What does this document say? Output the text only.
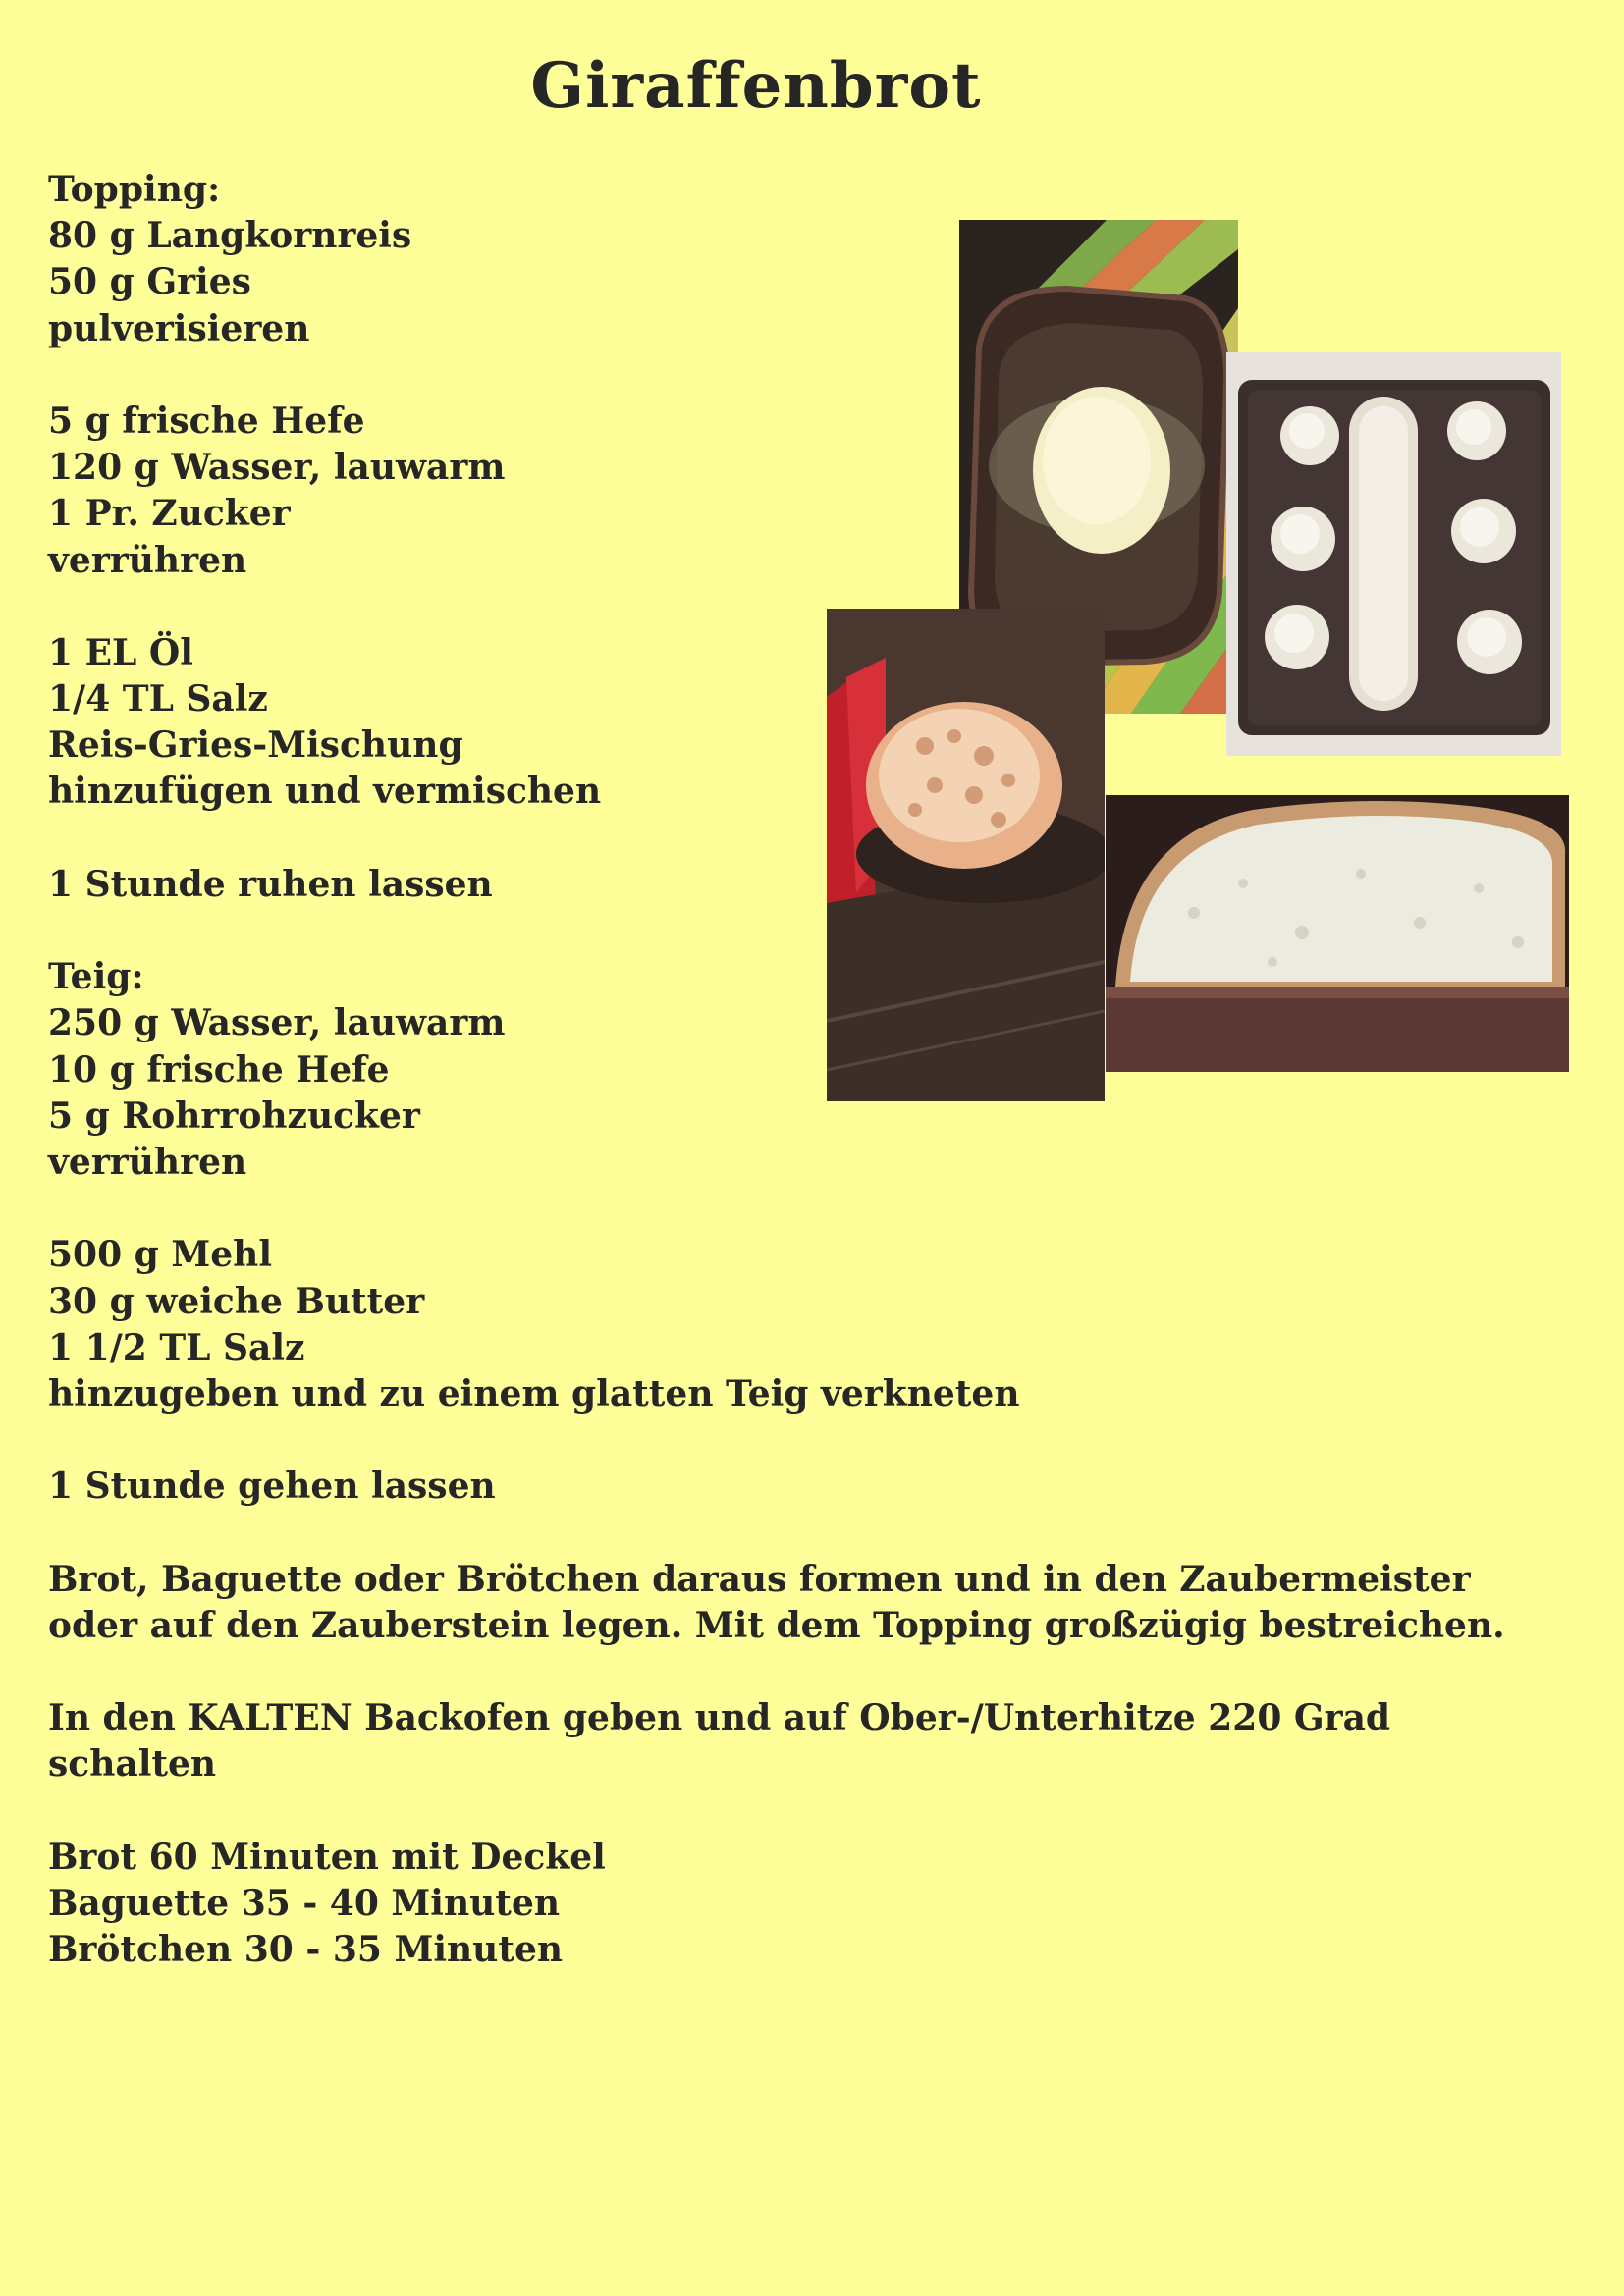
Giraffenbrot
Topping:
80 g Langkornreis
50 g Gries
pulverisieren
5 g frische Hefe
120 g Wasser, lauwarm
1 Pr. Zucker
verrühren
1 EL Öl
1/4 TL Salz
Reis-Gries-Mischung
hinzufügen und vermischen
1 Stunde ruhen lassen
Teig:
250 g Wasser, lauwarm
10 g frische Hefe
5 g Rohrrohzucker
verrühren
500 g Mehl
30 g weiche Butter
1 1/2 TL Salz
hinzugeben und zu einem glatten Teig verkneten
1 Stunde gehen lassen
Brot, Baguette oder Brötchen daraus formen und in den Zaubermeister
oder auf den Zauberstein legen. Mit dem Topping großzügig bestreichen.
In den KALTEN Backofen geben und auf Ober-/Unterhitze 220 Grad
schalten
Brot 60 Minuten mit Deckel
Baguette 35 - 40 Minuten
Brötchen 30 - 35 Minuten
